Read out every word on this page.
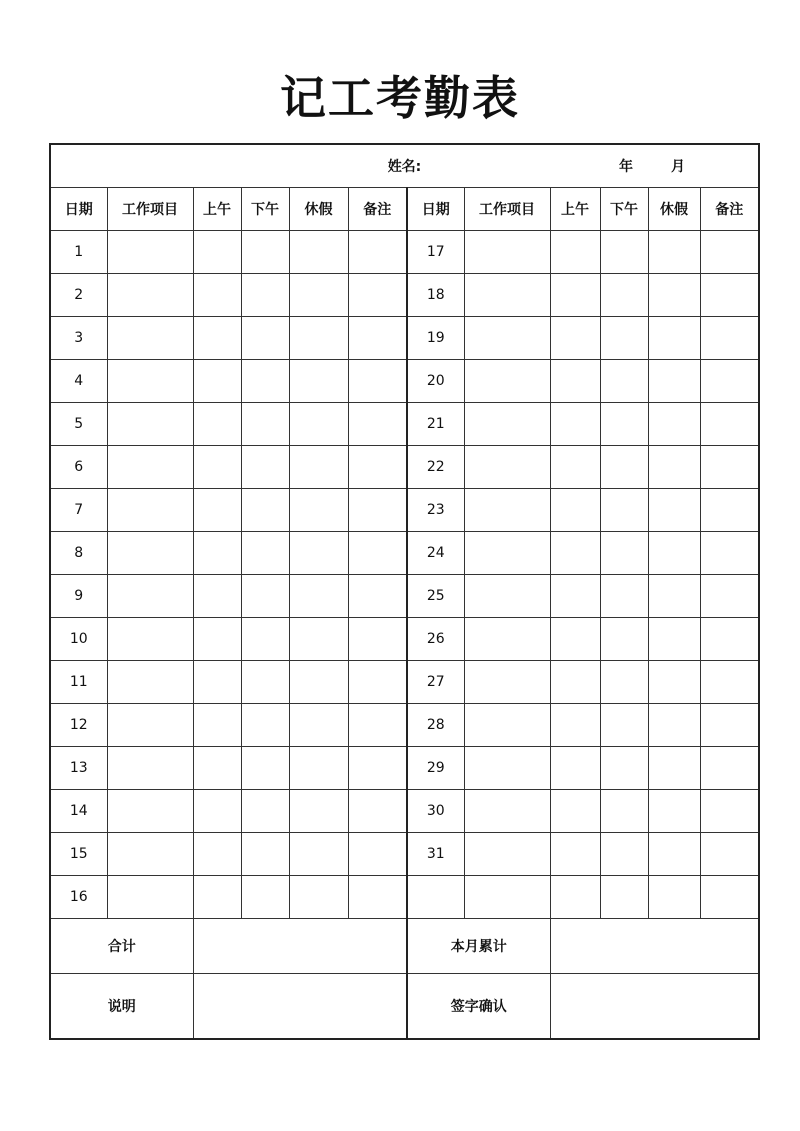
记工考勤表
姓名: 年 月											

日期	工作项目	上午	下午	休假	备注	日期	工作项目	上午	下午	休假	备注
1						17					
2						18					
3						19					
4						20					
5						21					
6						22					
7						23					
8						24					
9						25					
10						26					
11						27					
12						28					
13						29					
14						30					
15						31					
16											
合计						本月累计					
说明						签字确认					
